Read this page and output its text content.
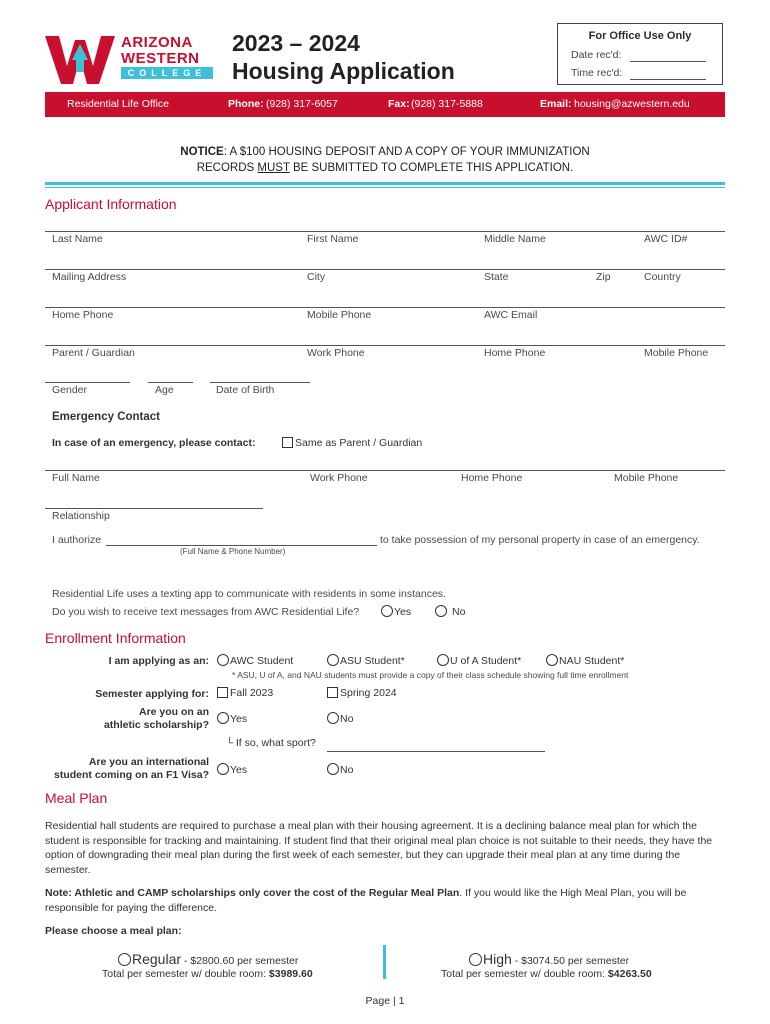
ARIZONA
WESTERN
COLLEGE
2023 – 2024
Housing Application
For Office Use Only
Date rec'd:
Time rec'd:
Residential Life Office	Phone: (928) 317-6057	Fax: (928) 317-5888	Email: housing@azwestern.edu
NOTICE: A $100 HOUSING DEPOSIT AND A COPY OF YOUR IMMUNIZATION
RECORDS MUST BE SUBMITTED TO COMPLETE THIS APPLICATION.
Applicant Information
Last Name	First Name	Middle Name	AWC ID#
Mailing Address	City	State	Zip	Country
Home Phone	Mobile Phone	AWC Email
Parent / Guardian	Work Phone	Home Phone	Mobile Phone
Gender	Age	Date of Birth
Emergency Contact
In case of an emergency, please contact:	Same as Parent / Guardian
Full Name	Work Phone	Home Phone	Mobile Phone
Relationship
I authorize	to take possession of my personal property in case of an emergency.
(Full Name & Phone Number)
Residential Life uses a texting app to communicate with residents in some instances.
Do you wish to receive text messages from AWC Residential Life?	Yes	No
Enrollment Information
I am applying as an:	AWC Student	ASU Student*	U of A Student*	NAU Student*
* ASU, U of A, and NAU students must provide a copy of their class schedule showing full time enrollment
Semester applying for:	Fall 2023	Spring 2024
Are you on an
athletic scholarship?	Yes	No
└ If so, what sport?
Are you an international
student coming on an F1 Visa?	Yes	No
Meal Plan
Residential hall students are required to purchase a meal plan with their housing agreement. It is a declining balance meal plan for which the student is responsible for tracking and maintaining. If student find that their original meal plan choice is not suitable to their needs, they have the option of downgrading their meal plan during the first week of each semester, but they can upgrade their meal plan at any time during the semester.
Note: Athletic and CAMP scholarships only cover the cost of the Regular Meal Plan. If you would like the High Meal Plan, you will be responsible for paying the difference.
Please choose a meal plan:
Regular - $2800.60 per semester
Total per semester w/ double room: $3989.60
High - $3074.50 per semester
Total per semester w/ double room: $4263.50
Page | 1
